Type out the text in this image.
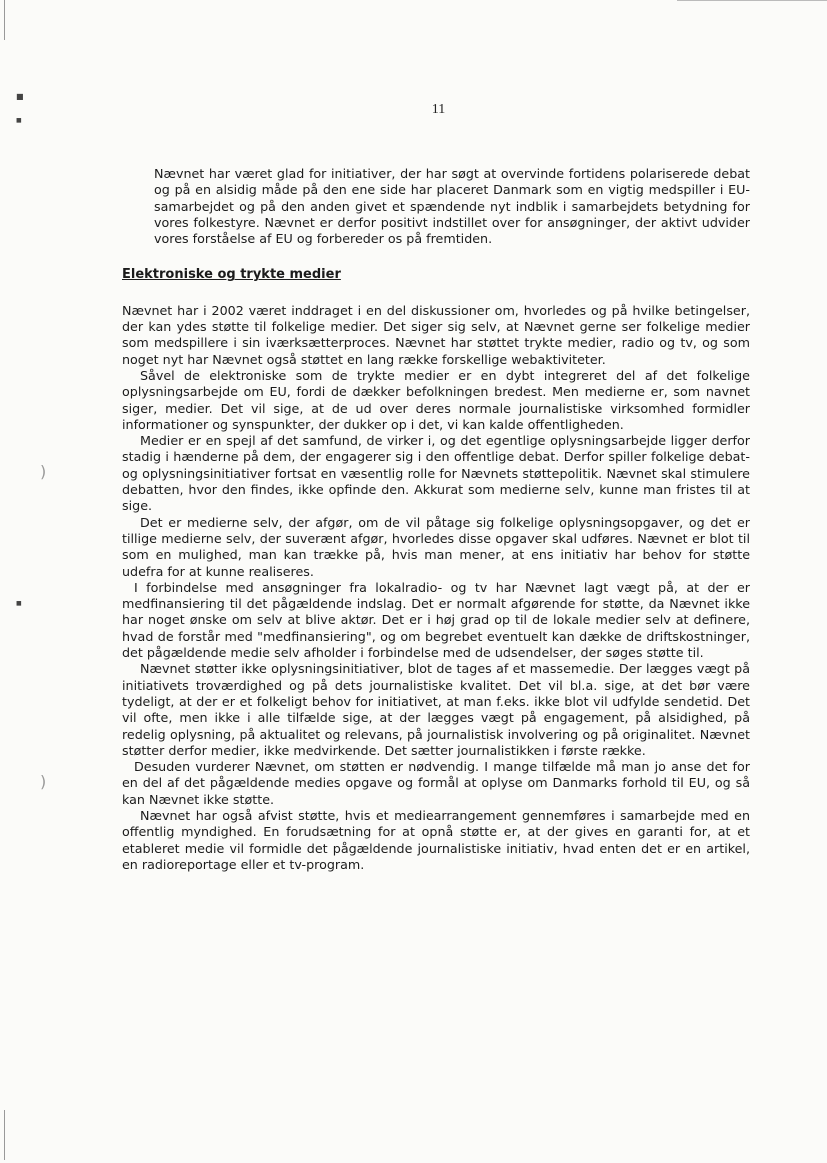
■
■
■
)
)
11

Nævnet har været glad for initiativer, der har søgt at overvinde fortidens polariserede debat og på en alsidig måde på den ene side har placeret Danmark som en vigtig medspiller i EU-samarbejdet og på den anden givet et spændende nyt indblik i samarbejdets betydning for vores folkestyre. Nævnet er derfor positivt indstillet over for ansøgninger, der aktivt udvider vores forståelse af EU og forbereder os på fremtiden.

Elektroniske og trykte medier

Nævnet har i 2002 været inddraget i en del diskussioner om, hvorledes og på hvilke betingelser, der kan ydes støtte til folkelige medier. Det siger sig selv, at Nævnet gerne ser folkelige medier som medspillere i sin iværksætterproces. Nævnet har støttet trykte medier, radio og tv, og som noget nyt har Nævnet også støttet en lang række forskellige webaktiviteter.

Såvel de elektroniske som de trykte medier er en dybt integreret del af det folkelige oplysningsarbejde om EU, fordi de dækker befolkningen bredest. Men medierne er, som navnet siger, medier. Det vil sige, at de ud over deres normale journalistiske virksomhed formidler informationer og synspunkter, der dukker op i det, vi kan kalde offentligheden.

Medier er en spejl af det samfund, de virker i, og det egentlige oplysningsarbejde ligger derfor stadig i hænderne på dem, der engagerer sig i den offentlige debat. Derfor spiller folkelige debat- og oplysningsinitiativer fortsat en væsentlig rolle for Nævnets støttepolitik. Nævnet skal stimulere debatten, hvor den findes, ikke opfinde den. Akkurat som medierne selv, kunne man fristes til at sige.

Det er medierne selv, der afgør, om de vil påtage sig folkelige oplysningsopgaver, og det er tillige medierne selv, der suverænt afgør, hvorledes disse opgaver skal udføres. Nævnet er blot til som en mulighed, man kan trække på, hvis man mener, at ens initiativ har behov for støtte udefra for at kunne realiseres.

I forbindelse med ansøgninger fra lokalradio- og tv har Nævnet lagt vægt på, at der er medfinansiering til det pågældende indslag. Det er normalt afgørende for støtte, da Nævnet ikke har noget ønske om selv at blive aktør. Det er i høj grad op til de lokale medier selv at definere, hvad de forstår med "medfinansiering", og om begrebet eventuelt kan dække de driftskostninger, det pågældende medie selv afholder i forbindelse med de udsendelser, der søges støtte til.

Nævnet støtter ikke oplysningsinitiativer, blot de tages af et massemedie. Der lægges vægt på initiativets troværdighed og på dets journalistiske kvalitet. Det vil bl.a. sige, at det bør være tydeligt, at der er et folkeligt behov for initiativet, at man f.eks. ikke blot vil udfylde sendetid. Det vil ofte, men ikke i alle tilfælde sige, at der lægges vægt på engagement, på alsidighed, på redelig oplysning, på aktualitet og relevans, på journalistisk involvering og på originalitet. Nævnet støtter derfor medier, ikke medvirkende. Det sætter journalistikken i første række.

Desuden vurderer Nævnet, om støtten er nødvendig. I mange tilfælde må man jo anse det for en del af det pågældende medies opgave og formål at oplyse om Danmarks forhold til EU, og så kan Nævnet ikke støtte.

Nævnet har også afvist støtte, hvis et mediearrangement gennemføres i samarbejde med en offentlig myndighed. En forudsætning for at opnå støtte er, at der gives en garanti for, at et etableret medie vil formidle det pågældende journalistiske initiativ, hvad enten det er en artikel, en radioreportage eller et tv-program.
